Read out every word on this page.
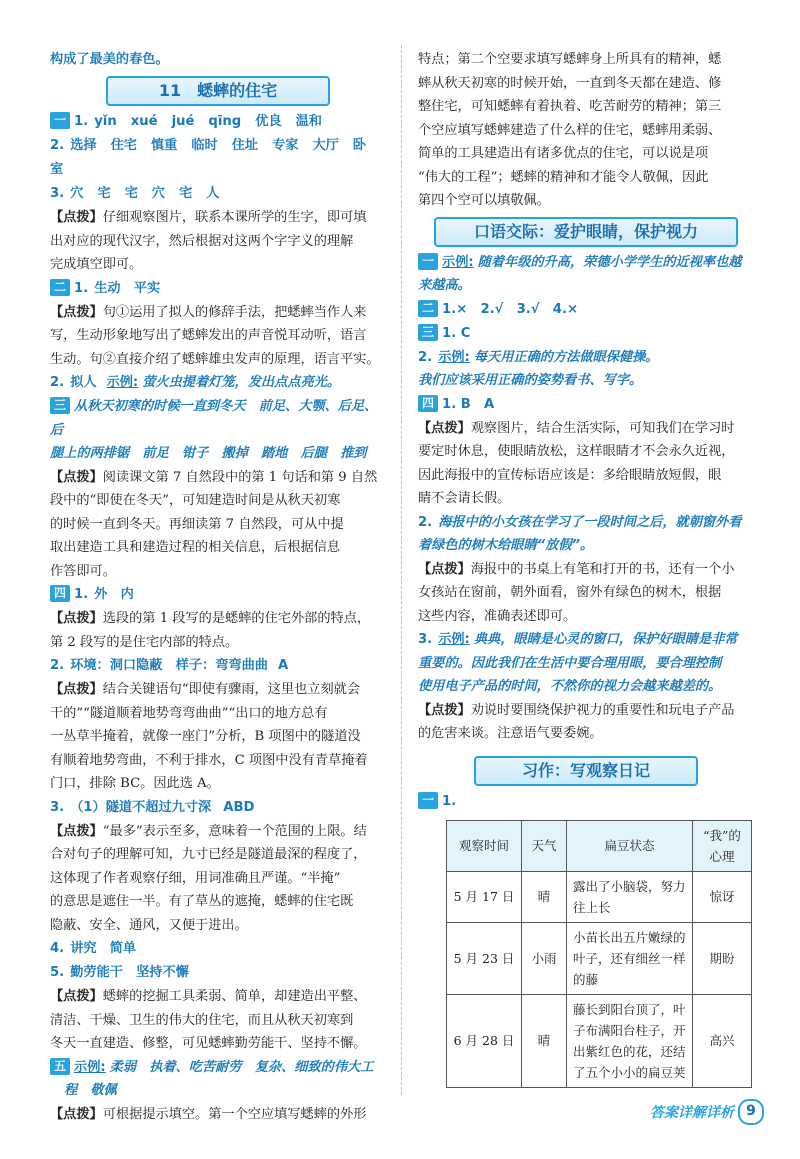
构成了最美的春色。

11　蟋蟀的住宅

一 1. yǐn xué jué qīng 优良 温和

2. 选择 住宅 慎重 临时 住址 专家 大厅 卧室

3. 穴 宅 宅 穴 宅 人

【点拨】仔细观察图片，联系本课所学的生字，即可填

出对应的现代汉字，然后根据对这两个字字义的理解

完成填空即可。

二 1. 生动　平实

【点拨】句①运用了拟人的修辞手法，把蟋蟀当作人来

写，生动形象地写出了蟋蟀发出的声音悦耳动听，语言

生动。句②直接介绍了蟋蟀雄虫发声的原理，语言平实。

2. 拟人 示例: 萤火虫提着灯笼，发出点点亮光。

三 从秋天初寒的时候一直到冬天　前足、大颚、后足、后

腿上的两排锯　前足　钳子　搬掉　踏地　后腿　推到

【点拨】阅读课文第 7 自然段中的第 1 句话和第 9 自然

段中的“即使在冬天”，可知建造时间是从秋天初寒

的时候一直到冬天。再细读第 7 自然段，可从中提

取出建造工具和建造过程的相关信息，后根据信息

作答即可。

四 1. 外　内

【点拨】选段的第 1 段写的是蟋蟀的住宅外部的特点，

第 2 段写的是住宅内部的特点。

2. 环境：洞口隐蔽　样子：弯弯曲曲 A

【点拨】结合关键语句“即使有骤雨，这里也立刻就会

干的”“隧道顺着地势弯弯曲曲”“出口的地方总有

一丛草半掩着，就像一座门”分析，B 项图中的隧道没

有顺着地势弯曲，不利于排水，C 项图中没有青草掩着

门口，排除 BC。因此选 A。

3. （1）隧道不超过九寸深 ABD

【点拨】“最多”表示至多，意味着一个范围的上限。结

合对句子的理解可知，九寸已经是隧道最深的程度了，

这体现了作者观察仔细，用词准确且严谨。“半掩”

的意思是遮住一半。有了草丛的遮掩，蟋蟀的住宅既

隐蔽、安全、通风，又便于进出。

4. 讲究　简单

5. 勤劳能干　坚持不懈

【点拨】蟋蟀的挖掘工具柔弱、简单，却建造出平整、

清洁、干燥、卫生的伟大的住宅，而且从秋天初寒到

冬天一直建造、修整，可见蟋蟀勤劳能干、坚持不懈。

五 示例: 柔弱　执着、吃苦耐劳　复杂、细致的伟大工

程　敬佩

【点拨】可根据提示填空。第一个空应填写蟋蟀的外形

特点；第二个空要求填写蟋蟀身上所具有的精神，蟋

蟀从秋天初寒的时候开始，一直到冬天都在建造、修

整住宅，可知蟋蟀有着执着、吃苦耐劳的精神；第三

个空应填写蟋蟀建造了什么样的住宅，蟋蟀用柔弱、

简单的工具建造出有诸多优点的住宅，可以说是项

“伟大的工程”；蟋蟀的精神和才能令人敬佩，因此

第四个空可以填敬佩。

口语交际：爱护眼睛，保护视力

一 示例: 随着年级的升高，荣德小学学生的近视率也越

来越高。

二 1.×　2.√　3.√　4.×

三 1. C

2. 示例: 每天用正确的方法做眼保健操。

我们应该采用正确的姿势看书、写字。

四 1. B　A

【点拨】观察图片，结合生活实际，可知我们在学习时

要定时休息，使眼睛放松，这样眼睛才不会永久近视，

因此海报中的宣传标语应该是：多给眼睛放短假，眼

睛不会请长假。

2. 海报中的小女孩在学习了一段时间之后，就朝窗外看

着绿色的树木给眼睛“放假”。

【点拨】海报中的书桌上有笔和打开的书，还有一个小

女孩站在窗前，朝外面看，窗外有绿色的树木，根据

这些内容，准确表述即可。

3. 示例: 典典，眼睛是心灵的窗口，保护好眼睛是非常

重要的。因此我们在生活中要合理用眼，要合理控制

使用电子产品的时间，不然你的视力会越来越差的。

【点拨】劝说时要围绕保护视力的重要性和玩电子产品

的危害来谈。注意语气要委婉。

习作：写观察日记

一 1.

观察时间	天气	扁豆状态	“我”的心理
5 月 17 日	晴	露出了小脑袋，努力往上长	惊讶
5 月 23 日	小雨	小苗长出五片嫩绿的叶子，还有细丝一样的藤	期盼
6 月 28 日	晴	藤长到阳台顶了，叶子布满阳台柱子，开出紫红色的花，还结了五个小小的扁豆荚	高兴
答案详解详析 9
